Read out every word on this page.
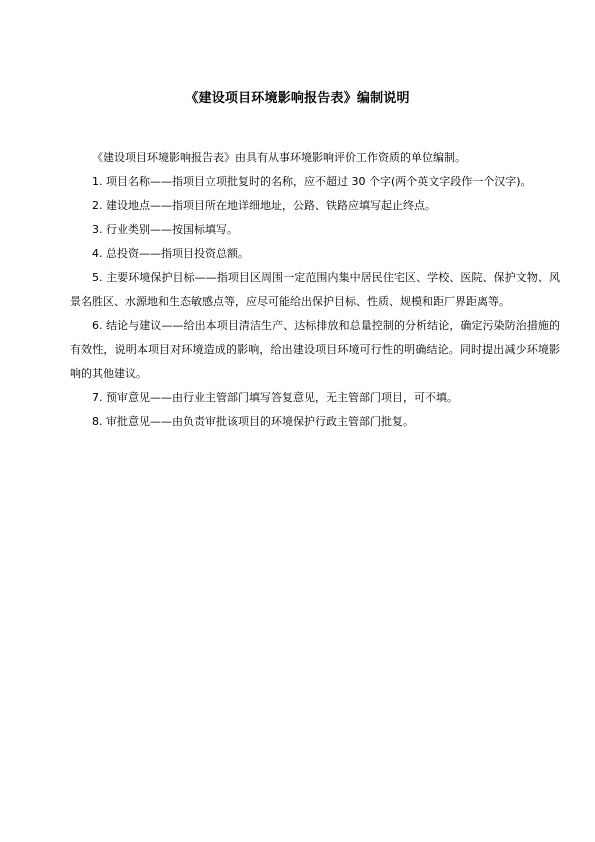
《建设项目环境影响报告表》编制说明

《建设项目环境影响报告表》由具有从事环境影响评价工作资质的单位编制。

1. 项目名称——指项目立项批复时的名称，应不超过 30 个字(两个英文字段作一个汉字)。

2. 建设地点——指项目所在地详细地址，公路、铁路应填写起止终点。

3. 行业类别——按国标填写。

4. 总投资——指项目投资总额。

5. 主要环境保护目标——指项目区周围一定范围内集中居民住宅区、学校、医院、保护文物、风景名胜区、水源地和生态敏感点等，应尽可能给出保护目标、性质、规模和距厂界距离等。

6. 结论与建议——给出本项目清洁生产、达标排放和总量控制的分析结论，确定污染防治措施的有效性，说明本项目对环境造成的影响，给出建设项目环境可行性的明确结论。同时提出减少环境影响的其他建议。

7. 预审意见——由行业主管部门填写答复意见，无主管部门项目，可不填。

8. 审批意见——由负责审批该项目的环境保护行政主管部门批复。
